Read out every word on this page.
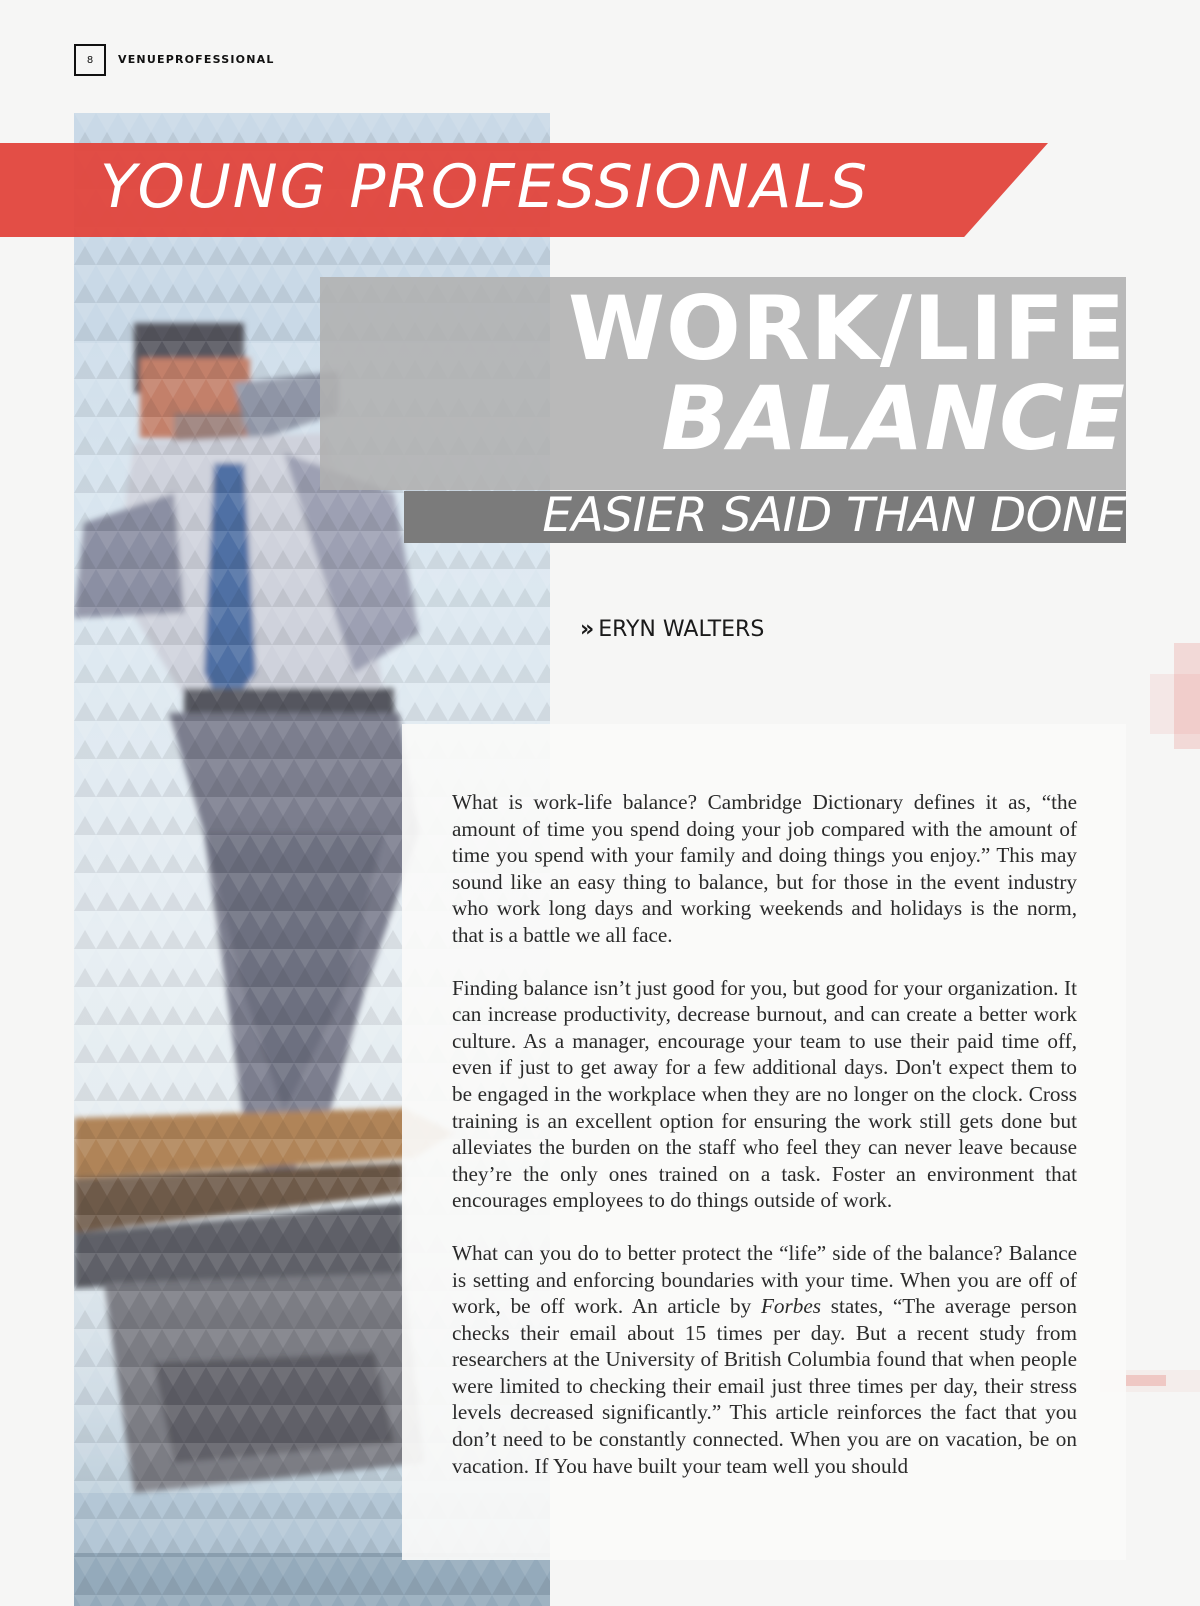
8	VENUEPROFESSIONAL
YOUNG PROFESSIONALS
WORK/LIFE
BALANCE
EASIER SAID THAN DONE
» ERYN WALTERS

What is work-life balance? Cambridge Dictionary defines it as, “the amount of time you spend doing your job compared with the amount of time you spend with your family and doing things you enjoy.” This may sound like an easy thing to balance, but for those in the event industry who work long days and working weekends and holidays is the norm, that is a battle we all face.

Finding balance isn’t just good for you, but good for your organization. It can increase productivity, decrease burnout, and can create a better work culture. As a manager, encourage your team to use their paid time off, even if just to get away for a few additional days. Don't expect them to be engaged in the workplace when they are no longer on the clock. Cross training is an excellent option for ensuring the work still gets done but alleviates the burden on the staff who feel they can never leave because they’re the only ones trained on a task. Foster an environment that encourages employees to do things outside of work.

What can you do to better protect the “life” side of the balance? Balance is setting and enforcing boundaries with your time. When you are off of work, be off work. An article by Forbes states, “The average person checks their email about 15 times per day. But a recent study from researchers at the University of British Columbia found that when people were limited to checking their email just three times per day, their stress levels decreased significantly.” This article reinforces the fact that you don’t need to be constantly connected. When you are on vacation, be on vacation. If You have built your team well you should
